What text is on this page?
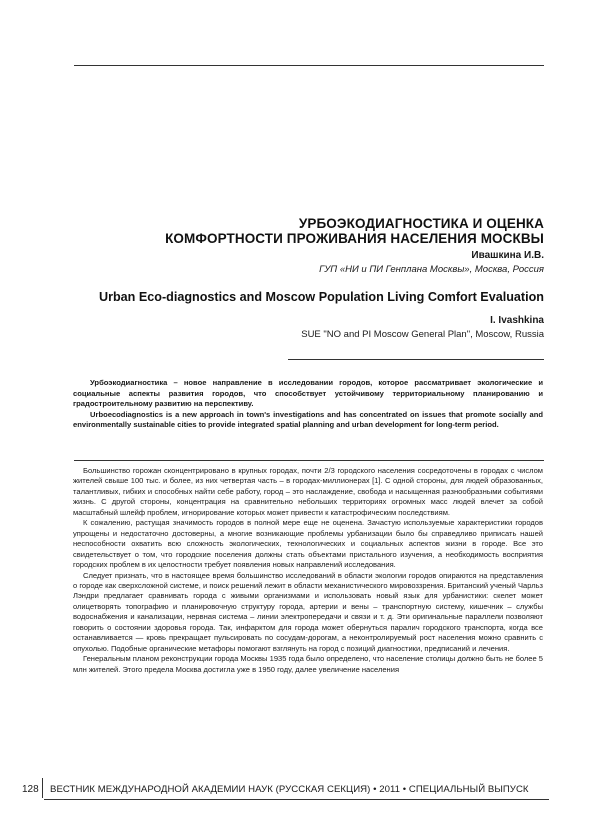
УРБОЭКОДИАГНОСТИКА И ОЦЕНКА
КОМФОРТНОСТИ ПРОЖИВАНИЯ НАСЕЛЕНИЯ МОСКВЫ
Ивашкина И.В.
ГУП «НИ и ПИ Генплана Москвы», Москва, Россия
Urban Eco-diagnostics and Moscow Population Living Comfort Evaluation
I. Ivashkina
SUE "NO and PI Moscow General Plan", Moscow, Russia

Урбоэкодиагностика – новое направление в исследовании городов, которое рассматривает экологические и социальные аспекты развития городов, что способствует устойчивому территориальному планированию и градостроительному развитию на перспективу.

Urboecodiagnostics is a new approach in town's investigations and has concentrated on issues that promote socially and environmentally sustainable cities to provide integrated spatial planning and urban development for long-term period.

Большинство горожан сконцентрировано в крупных городах, почти 2/3 городского населения сосредоточены в городах с числом жителей свыше 100 тыс. и более, из них четвертая часть – в городах-миллионерах [1]. С одной стороны, для людей образованных, талантливых, гибких и способных найти себе работу, город – это наслаждение, свобода и насыщенная разнообразными событиями жизнь. С другой стороны, концентрация на сравнительно небольших территориях огромных масс людей влечет за собой масштабный шлейф проблем, игнорирование которых может привести к катастрофическим последствиям.

К сожалению, растущая значимость городов в полной мере еще не оценена. Зачастую используемые характеристики городов упрощены и недостаточно достоверны, а многие возникающие проблемы урбанизации было бы справедливо приписать нашей неспособности охватить всю сложность экологических, технологических и социальных аспектов жизни в городе. Все это свидетельствует о том, что городские поселения должны стать объектами пристального изучения, а необходимость восприятия городских проблем в их целостности требует появления новых направлений исследования.

Следует признать, что в настоящее время большинство исследований в области экологии городов опираются на представления о городе как сверхсложной системе, и поиск решений лежит в области механистического мировоззрения. Британский ученый Чарльз Лэндри предлагает сравнивать города с живыми организмами и использовать новый язык для урбанистики: скелет может олицетворять топографию и планировочную структуру города, артерии и вены – транспортную систему, кишечник – службы водоснабжения и канализации, нервная система – линии электропередачи и связи и т. д. Эти оригинальные параллели позволяют говорить о состоянии здоровья города. Так, инфарктом для города может обернуться паралич городского транспорта, когда все останавливается — кровь прекращает пульсировать по сосудам-дорогам, а неконтролируемый рост населения можно сравнить с опухолью. Подобные органические метафоры помогают взглянуть на город с позиций диагностики, предписаний и лечения.

Генеральным планом реконструкции города Москвы 1935 года было определено, что население столицы должно быть не более 5 млн жителей. Этого предела Москва достигла уже в 1950 году, далее увеличение населения

128 ВЕСТНИК МЕЖДУНАРОДНОЙ АКАДЕМИИ НАУК (РУССКАЯ СЕКЦИЯ) • 2011 • СПЕЦИАЛЬНЫЙ ВЫПУСК
